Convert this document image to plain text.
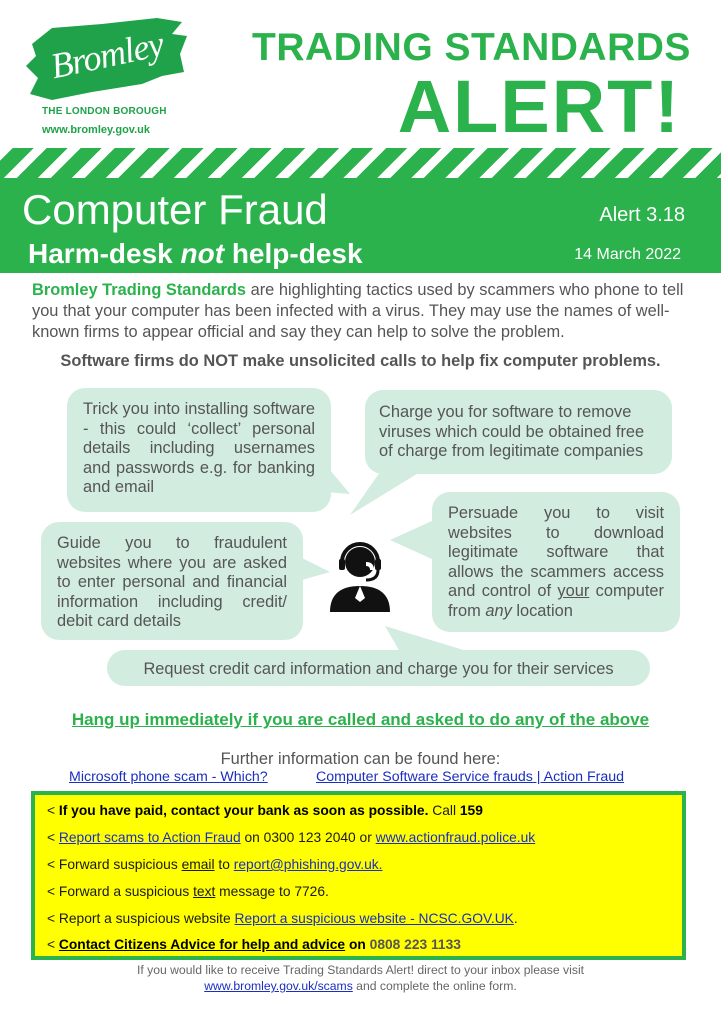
Bromley
THE LONDON BOROUGH
www.bromley.gov.uk
TRADING STANDARDS
ALERT!
Computer Fraud
Harm-desk not help-desk
Alert 3.18
14 March 2022

Bromley Trading Standards are highlighting tactics used by scammers who phone to tell you that your computer has been infected with a virus. They may use the names of well-known firms to appear official and say they can help to solve the problem.

Software firms do NOT make unsolicited calls to help fix computer problems.
Trick you into installing software - this could ‘collect’ personal details including usernames and passwords e.g. for banking and email
Charge you for software to remove viruses which could be obtained free of charge from legitimate companies
Guide you to fraudulent websites where you are asked to enter personal and financial information including credit/ debit card details
Persuade you to visit websites to download legitimate software that allows the scammers access and control of your computer from any location
Request credit card information and charge you for their services
Hang up immediately if you are called and asked to do any of the above
Further information can be found here:
Microsoft phone scam - Which?	Computer Software Service frauds | Action Fraud
< If you have paid, contact your bank as soon as possible. Call 159
< Report scams to Action Fraud on 0300 123 2040 or www.actionfraud.police.uk
< Forward suspicious email to report@phishing.gov.uk.
< Forward a suspicious text message to 7726.
< Report a suspicious website Report a suspicious website - NCSC.GOV.UK.
< Contact Citizens Advice for help and advice on 0808 223 1133
If you would like to receive Trading Standards Alert! direct to your inbox please visit
www.bromley.gov.uk/scams and complete the online form.
